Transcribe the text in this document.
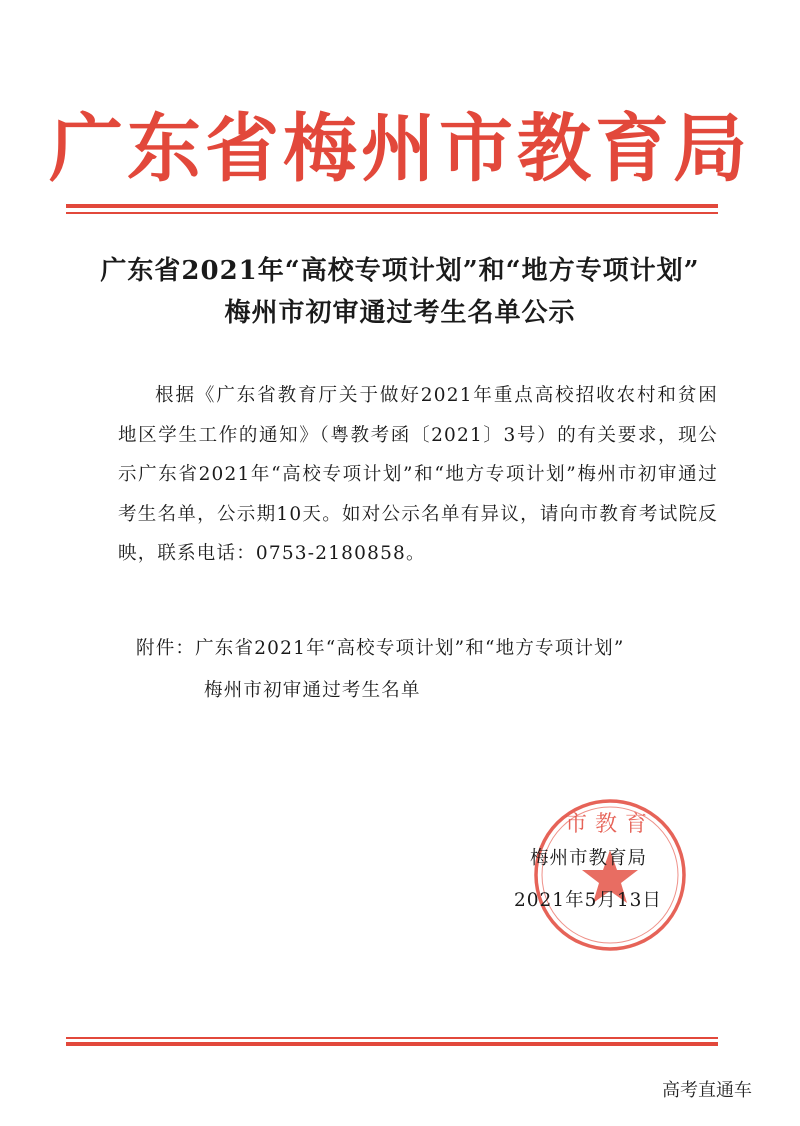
广东省梅州市教育局
广东省2021年“高校专项计划”和“地方专项计划”
梅州市初审通过考生名单公示

根据《广东省教育厅关于做好2021年重点高校招收农村和贫困地区学生工作的通知》（粤教考函〔2021〕3号）的有关要求，现公示广东省2021年“高校专项计划”和“地方专项计划”梅州市初审通过考生名单，公示期10天。如对公示名单有异议，请向市教育考试院反映，联系电话：0753-2180858。

附件：广东省2021年“高校专项计划”和“地方专项计划”
梅州市初审通过考生名单
市教育
梅州市教育局
2021年5月13日
高考直通车
